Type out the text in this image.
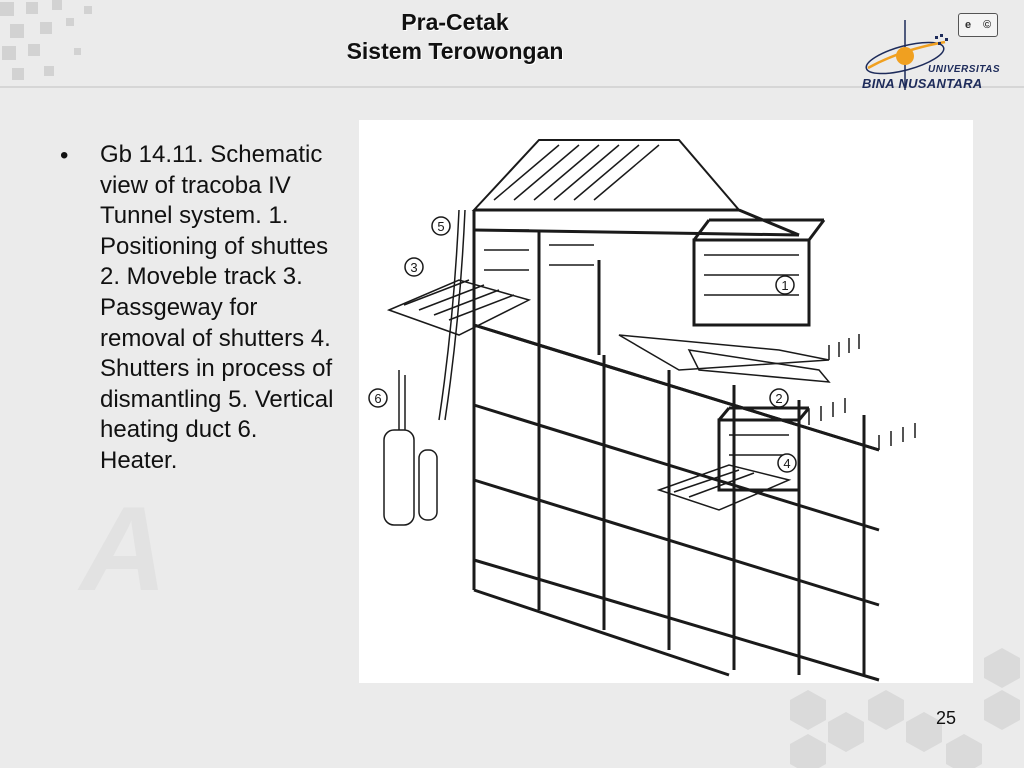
A
Pra-Cetak
Sistem Terowongan
e ©
UNIVERSITAS
BINA NUSANTARA
• Gb 14.11. Schematic view of tracoba IV Tunnel system. 1. Positioning of shuttes 2. Moveble track 3. Passgeway for removal of shutters 4. Shutters in process of dismantling 5. Vertical heating duct 6. Heater.
1
2
3
4
5
6
25
